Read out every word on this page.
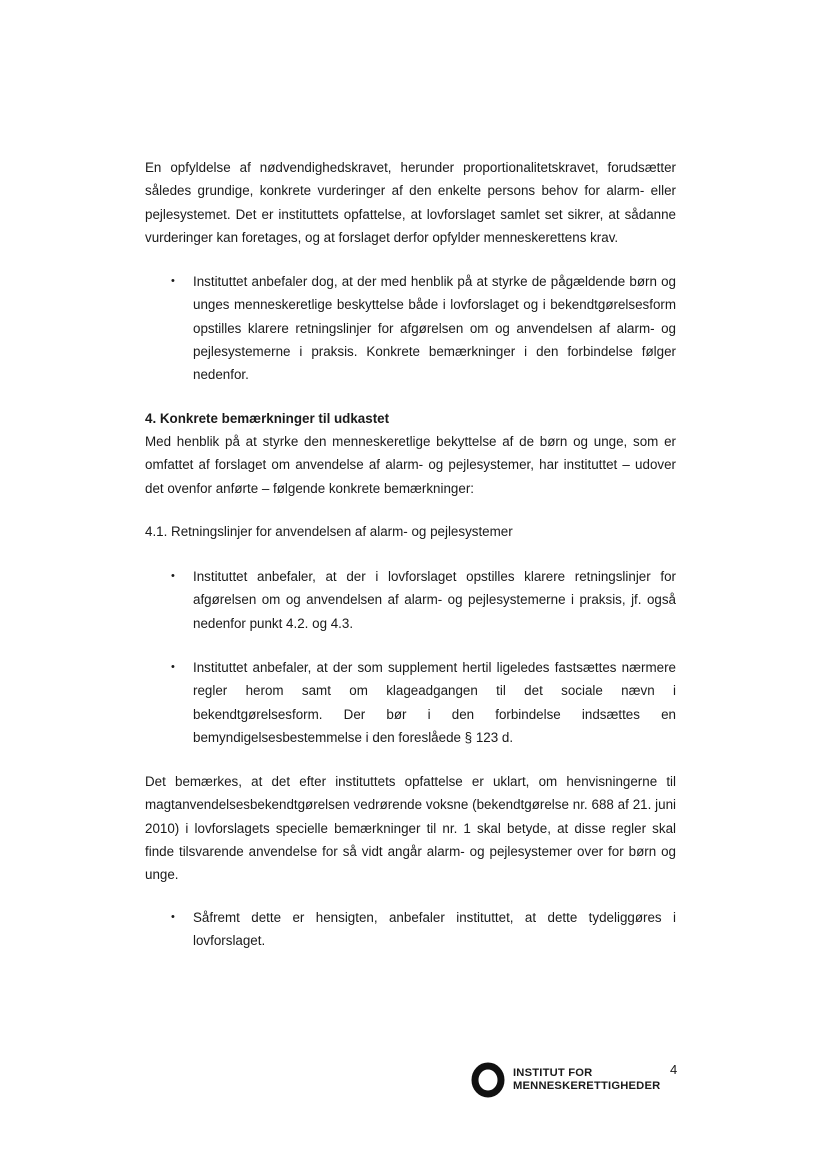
En opfyldelse af nødvendighedskravet, herunder proportionalitetskravet, forudsætter således grundige, konkrete vurderinger af den enkelte persons behov for alarm- eller pejlesystemet. Det er instituttets opfattelse, at lovforslaget samlet set sikrer, at sådanne vurderinger kan foretages, og at forslaget derfor opfylder menneskerettens krav.

• Instituttet anbefaler dog, at der med henblik på at styrke de pågældende børn og unges menneskeretlige beskyttelse både i lovforslaget og i bekendtgørelsesform opstilles klarere retningslinjer for afgørelsen om og anvendelsen af alarm- og pejlesystemerne i praksis. Konkrete bemærkninger i den forbindelse følger nedenfor.

4. Konkrete bemærkninger til udkastet

Med henblik på at styrke den menneskeretlige bekyttelse af de børn og unge, som er omfattet af forslaget om anvendelse af alarm- og pejlesystemer, har instituttet – udover det ovenfor anførte – følgende konkrete bemærkninger:

4.1. Retningslinjer for anvendelsen af alarm- og pejlesystemer

• Instituttet anbefaler, at der i lovforslaget opstilles klarere retningslinjer for afgørelsen om og anvendelsen af alarm- og pejlesystemerne i praksis, jf. også nedenfor punkt 4.2. og 4.3.
• Instituttet anbefaler, at der som supplement hertil ligeledes fastsættes nærmere regler herom samt om klageadgangen til det sociale nævn i bekendtgørelsesform. Der bør i den forbindelse indsættes en bemyndigelsesbestemmelse i den foreslåede § 123 d.

Det bemærkes, at det efter instituttets opfattelse er uklart, om henvisningerne til magtanvendelsesbekendtgørelsen vedrørende voksne (bekendtgørelse nr. 688 af 21. juni 2010) i lovforslagets specielle bemærkninger til nr. 1 skal betyde, at disse regler skal finde tilsvarende anvendelse for så vidt angår alarm- og pejlesystemer over for børn og unge.

• Såfremt dette er hensigten, anbefaler instituttet, at dette tydeliggøres i lovforslaget.
INSTITUT FOR
MENNESKERETTIGHEDER
4
